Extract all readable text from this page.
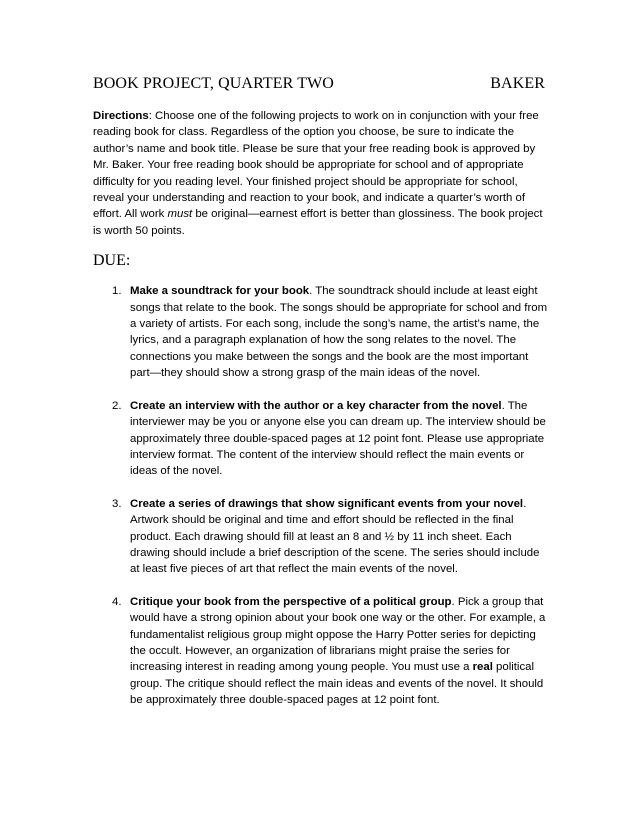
BOOK PROJECT, QUARTER TWO	BAKER

Directions: Choose one of the following projects to work on in conjunction with your free reading book for class. Regardless of the option you choose, be sure to indicate the author’s name and book title. Please be sure that your free reading book is approved by Mr. Baker. Your free reading book should be appropriate for school and of appropriate difficulty for you reading level. Your finished project should be appropriate for school, reveal your understanding and reaction to your book, and indicate a quarter’s worth of effort. All work must be original—earnest effort is better than glossiness. The book project is worth 50 points.

DUE:
1. Make a soundtrack for your book. The soundtrack should include at least eight songs that relate to the book. The songs should be appropriate for school and from a variety of artists. For each song, include the song’s name, the artist’s name, the lyrics, and a paragraph explanation of how the song relates to the novel. The connections you make between the songs and the book are the most important part—they should show a strong grasp of the main ideas of the novel.
2. Create an interview with the author or a key character from the novel. The interviewer may be you or anyone else you can dream up. The interview should be approximately three double-spaced pages at 12 point font. Please use appropriate interview format. The content of the interview should reflect the main events or ideas of the novel.
3. Create a series of drawings that show significant events from your novel. Artwork should be original and time and effort should be reflected in the final product. Each drawing should fill at least an 8 and ½ by 11 inch sheet. Each drawing should include a brief description of the scene. The series should include at least five pieces of art that reflect the main events of the novel.
4. Critique your book from the perspective of a political group. Pick a group that would have a strong opinion about your book one way or the other. For example, a fundamentalist religious group might oppose the Harry Potter series for depicting the occult. However, an organization of librarians might praise the series for increasing interest in reading among young people. You must use a real political group. The critique should reflect the main ideas and events of the novel. It should be approximately three double-spaced pages at 12 point font.
